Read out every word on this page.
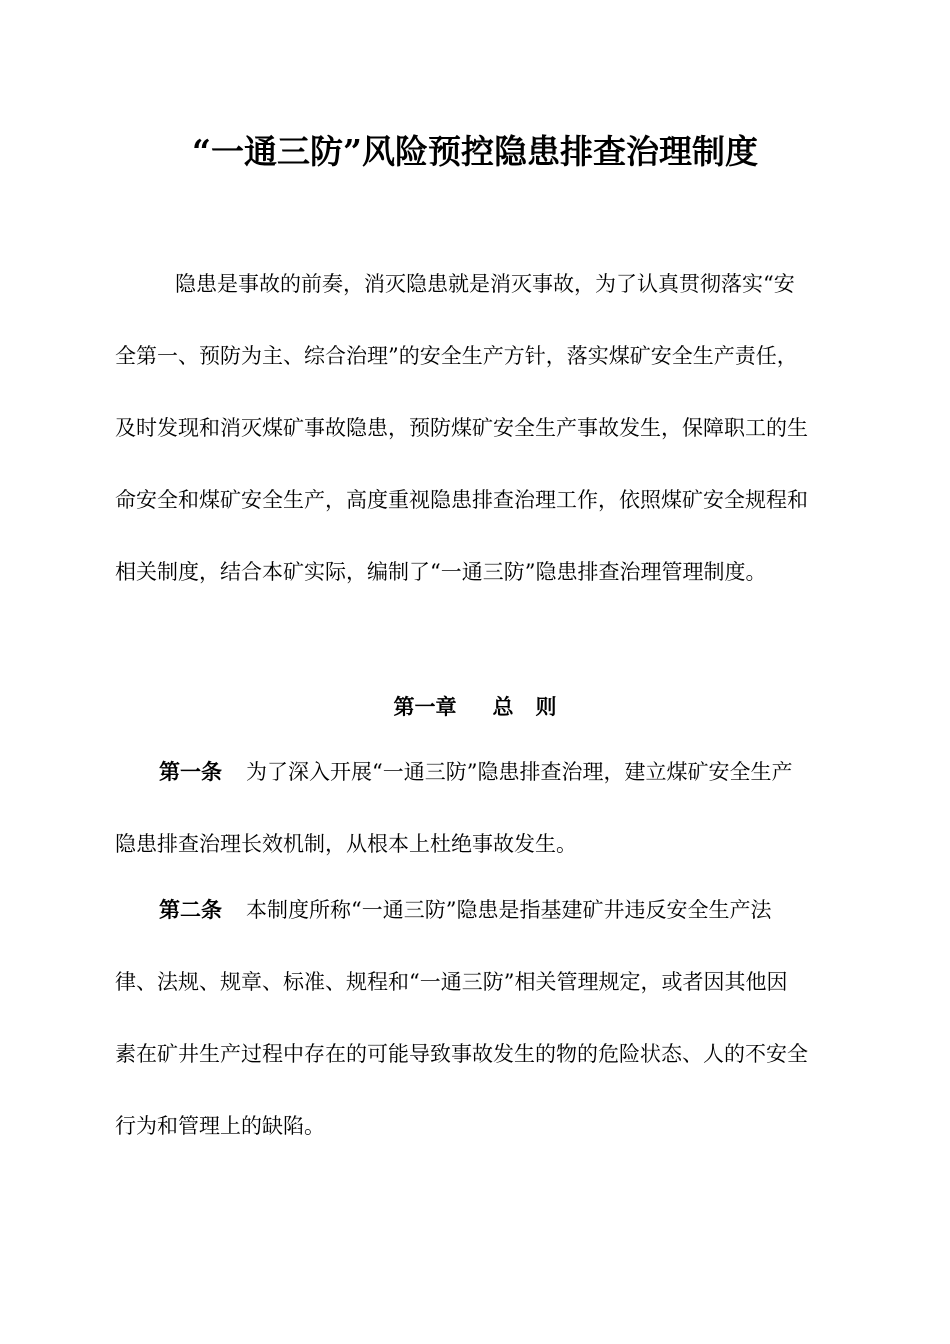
“一通三防”风险预控隐患排查治理制度
隐患是事故的前奏，消灭隐患就是消灭事故，为了认真贯彻落实“安
全第一、预防为主、综合治理”的安全生产方针，落实煤矿安全生产责任，
及时发现和消灭煤矿事故隐患，预防煤矿安全生产事故发生，保障职工的生
命安全和煤矿安全生产，高度重视隐患排查治理工作，依照煤矿安全规程和
相关制度，结合本矿实际，编制了“一通三防”隐患排查治理管理制度。
第一章 总 则
第一条 为了深入开展“一通三防”隐患排查治理，建立煤矿安全生产
隐患排查治理长效机制，从根本上杜绝事故发生。
第二条 本制度所称“一通三防”隐患是指基建矿井违反安全生产法
律、法规、规章、标准、规程和“一通三防”相关管理规定，或者因其他因
素在矿井生产过程中存在的可能导致事故发生的物的危险状态、人的不安全
行为和管理上的缺陷。
